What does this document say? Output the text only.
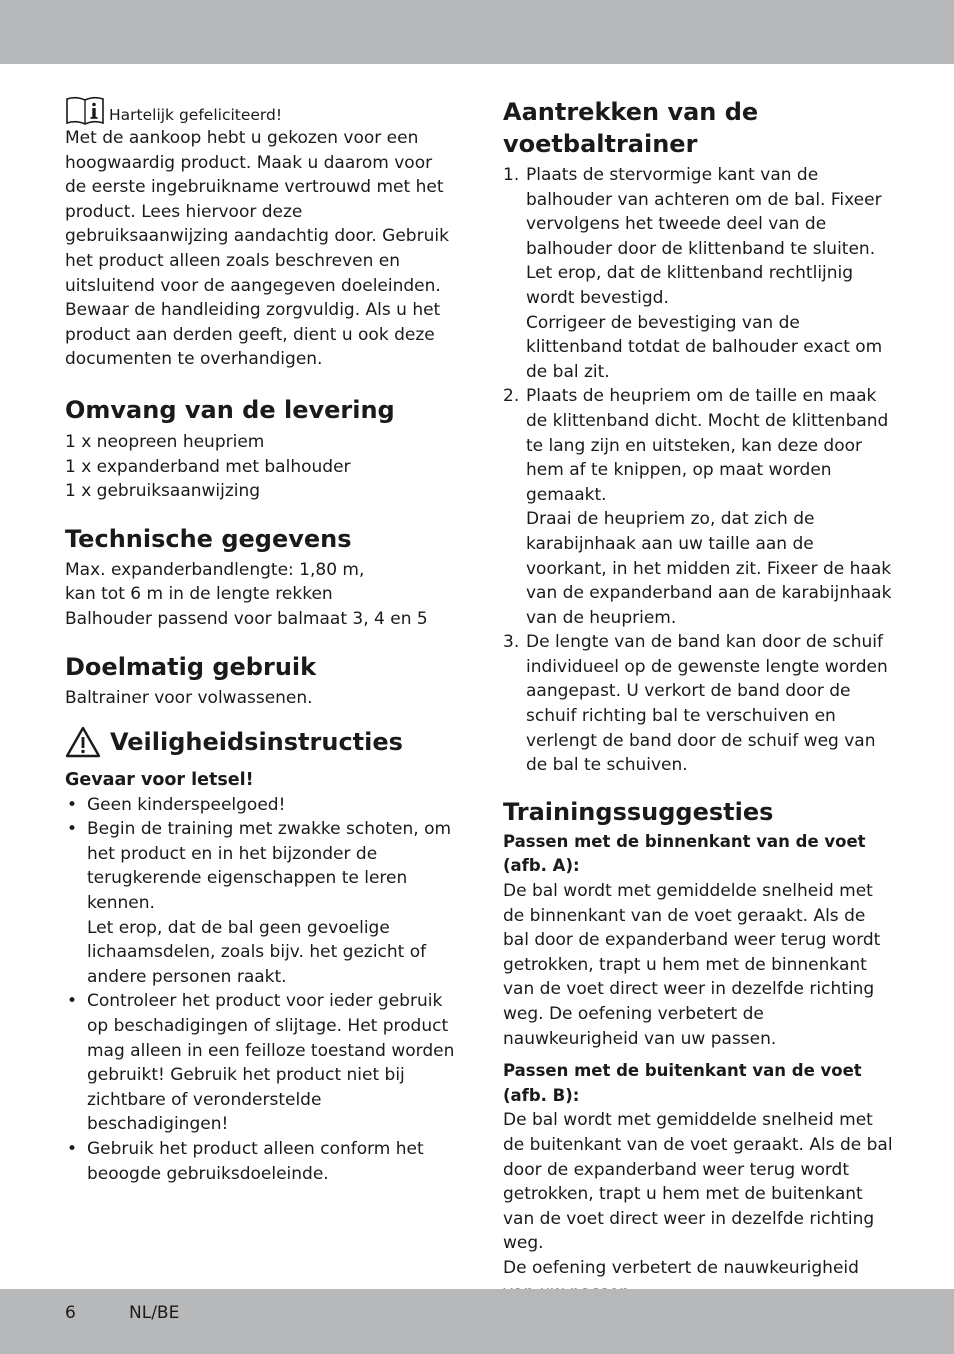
Hartelijk gefeliciteerd!

Met de aankoop hebt u gekozen voor een hoogwaardig product. Maak u daarom voor de eerste ingebruikname vertrouwd met het product. Lees hiervoor deze gebruiksaanwijzing aandachtig door. Gebruik het product alleen zoals beschreven en uitsluitend voor de aangegeven doeleinden. Bewaar de handleiding zorgvuldig. Als u het product aan derden geeft, dient u ook deze documenten te overhandigen.

Omvang van de levering

1 x neopreen heupriem

1 x expanderband met balhouder

1 x gebruiksaanwijzing

Technische gegevens

Max. expanderbandlengte: 1,80 m,

kan tot 6 m in de lengte rekken

Balhouder passend voor balmaat 3, 4 en 5

Doelmatig gebruik

Baltrainer voor volwassenen.

Veiligheidsinstructies
Gevaar voor letsel!
• Geen kinderspeelgoed!
• Begin de training met zwakke schoten, om het product en in het bijzonder de terugkerende eigenschappen te leren kennen.
Let erop, dat de bal geen gevoelige lichaamsdelen, zoals bijv. het gezicht of andere personen raakt.
• Controleer het product voor ieder gebruik op beschadigingen of slijtage. Het product mag alleen in een feilloze toestand worden gebruikt! Gebruik het product niet bij zichtbare of veronderstelde beschadigingen!
• Gebruik het product alleen conform het beoogde gebruiksdoeleinde.
Aantrekken van de voetbaltrainer
1. Plaats de stervormige kant van de balhouder van achteren om de bal. Fixeer vervolgens het tweede deel van de balhouder door de klittenband te sluiten. Let erop, dat de klittenband rechtlijnig wordt bevestigd.
Corrigeer de bevestiging van de klittenband totdat de balhouder exact om de bal zit.
2. Plaats de heupriem om de taille en maak de klittenband dicht. Mocht de klittenband te lang zijn en uitsteken, kan deze door hem af te knippen, op maat worden gemaakt.
Draai de heupriem zo, dat zich de karabijnhaak aan uw taille aan de voorkant, in het midden zit. Fixeer de haak van de expanderband aan de karabijnhaak van de heupriem.
3. De lengte van de band kan door de schuif individueel op de gewenste lengte worden aangepast. U verkort de band door de schuif richting bal te verschuiven en verlengt de band door de schuif weg van de bal te schuiven.
Trainingssuggesties
Passen met de binnenkant van de voet (afb. A):

De bal wordt met gemiddelde snelheid met de binnenkant van de voet geraakt. Als de bal door de expanderband weer terug wordt getrokken, trapt u hem met de binnenkant van de voet direct weer in dezelfde richting weg. De oefening verbetert de nauwkeurigheid van uw passen.

Passen met de buitenkant van de voet (afb. B):

De bal wordt met gemiddelde snelheid met de buitenkant van de voet geraakt. Als de bal door de expanderband weer terug wordt getrokken, trapt u hem met de buitenkant van de voet direct weer in dezelfde richting weg.

De oefening verbetert de nauwkeurigheid

6	NL/BE
